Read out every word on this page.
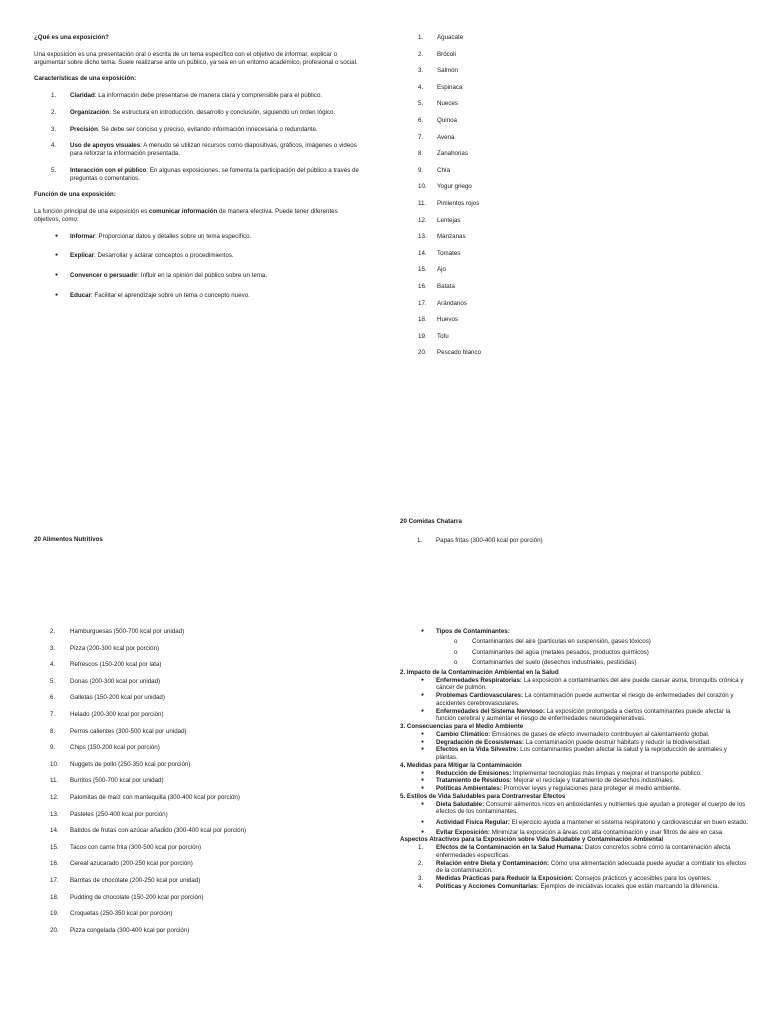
¿Qué es una exposición?

Una exposición es una presentación oral o escrita de un tema específico con el objetivo de informar, explicar o argumentar sobre dicho tema. Suele realizarse ante un público, ya sea en un entorno académico, profesional o social.

Características de una exposición:

1. Claridad: La información debe presentarse de manera clara y comprensible para el público.
2. Organización: Se estructura en introducción, desarrollo y conclusión, siguiendo un orden lógico.
3. Precisión: Se debe ser conciso y preciso, evitando información innecesaria o redundante.
4. Uso de apoyos visuales: A menudo se utilizan recursos como diapositivas, gráficos, imágenes o videos para reforzar la información presentada.
5. Interacción con el público: En algunas exposiciones, se fomenta la participación del público a través de preguntas o comentarios.

Función de una exposición:

La función principal de una exposición es comunicar información de manera efectiva. Puede tener diferentes objetivos, como:

● Informar: Proporcionar datos y detalles sobre un tema específico.
● Explicar: Desarrollar y aclarar conceptos o procedimientos.
● Convencer o persuadir: Influir en la opinión del público sobre un tema.
● Educar: Facilitar el aprendizaje sobre un tema o concepto nuevo.
1. Aguacate
2. Brócoli
3. Salmón
4. Espinaca
5. Nueces
6. Quinoa
7. Avena
8. Zanahorias
9. Chía
10. Yogur griego
11. Pimientos rojos
12. Lentejas
13. Manzanas
14. Tomates
15. Ajo
16. Batata
17. Arándanos
18. Huevos
19. Tofu
20. Pescado blanco

20 Alimentos Nutritivos

20 Comidas Chatarra

1. Papas fritas (300-400 kcal por porción)
2. Hamburguesas (500-700 kcal por unidad)
3. Pizza (200-300 kcal por porción)
4. Refrescos (150-200 kcal por lata)
5. Donas (200-300 kcal por unidad)
6. Galletas (150-200 kcal por unidad)
7. Helado (200-300 kcal por porción)
8. Perros calientes (300-500 kcal por unidad)
9. Chips (150-200 kcal por porción)
10. Nuggets de pollo (250-350 kcal por porción)
11. Burritos (500-700 kcal por unidad)
12. Palomitas de maíz con mantequilla (300-400 kcal por porción)
13. Pasteles (250-400 kcal por porción)
14. Batidos de frutas con azúcar añadido (300-400 kcal por porción)
15. Tacos con carne frita (300-500 kcal por porción)
16. Cereal azucarado (200-250 kcal por porción)
17. Barritas de chocolate (200-250 kcal por unidad)
18. Pudding de chocolate (150-200 kcal por porción)
19. Croquetas (250-350 kcal por porción)
20. Pizza congelada (300-400 kcal por porción)
● Tipos de Contaminantes:
o Contaminantes del aire (partículas en suspensión, gases tóxicos)
o Contaminantes del agua (metales pesados, productos químicos)
o Contaminantes del suelo (desechos industriales, pesticidas)

2. Impacto de la Contaminación Ambiental en la Salud

● Enfermedades Respiratorias: La exposición a contaminantes del aire puede causar asma, bronquitis crónica y cáncer de pulmón.
● Problemas Cardiovasculares: La contaminación puede aumentar el riesgo de enfermedades del corazón y accidentes cerebrovasculares.
● Enfermedades del Sistema Nervioso: La exposición prolongada a ciertos contaminantes puede afectar la función cerebral y aumentar el riesgo de enfermedades neurodegenerativas.

3. Consecuencias para el Medio Ambiente

● Cambio Climático: Emisiones de gases de efecto invernadero contribuyen al calentamiento global.
● Degradación de Ecosistemas: La contaminación puede destruir hábitats y reducir la biodiversidad.
● Efectos en la Vida Silvestre: Los contaminantes pueden afectar la salud y la reproducción de animales y plantas.

4. Medidas para Mitigar la Contaminación

● Reducción de Emisiones: Implementar tecnologías más limpias y mejorar el transporte público.
● Tratamiento de Residuos: Mejorar el reciclaje y tratamiento de desechos industriales.
● Políticas Ambientales: Promover leyes y regulaciones para proteger el medio ambiente.

5. Estilos de Vida Saludables para Contrarrestar Efectos

● Dieta Saludable: Consumir alimentos ricos en antioxidantes y nutrientes que ayudan a proteger el cuerpo de los efectos de los contaminantes.
● Actividad Física Regular: El ejercicio ayuda a mantener el sistema respiratorio y cardiovascular en buen estado.
● Evitar Exposición: Minimizar la exposición a áreas con alta contaminación y usar filtros de aire en casa.

Aspectos Atractivos para la Exposición sobre Vida Saludable y Contaminación Ambiental

1. Efectos de la Contaminación en la Salud Humana: Datos concretos sobre cómo la contaminación afecta enfermedades específicas.
2. Relación entre Dieta y Contaminación: Cómo una alimentación adecuada puede ayudar a combatir los efectos de la contaminación.
3. Medidas Prácticas para Reducir la Exposición: Consejos prácticos y accesibles para los oyentes.
4. Políticas y Acciones Comunitarias: Ejemplos de iniciativas locales que están marcando la diferencia.
